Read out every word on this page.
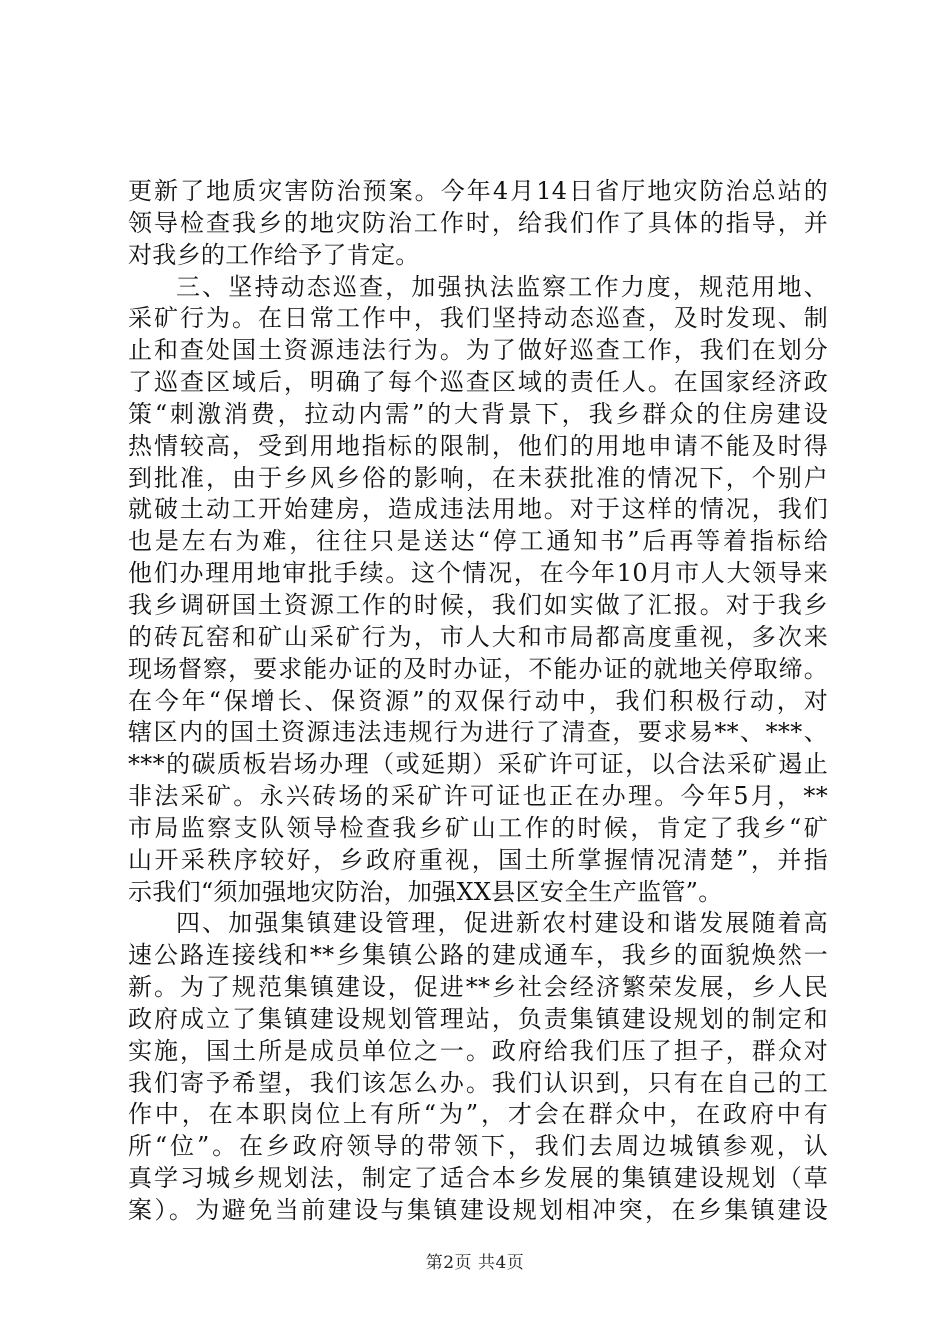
更新了地质灾害防治预案。今年4月14日省厅地灾防治总站的
领导检查我乡的地灾防治工作时，给我们作了具体的指导，并
对我乡的工作给予了肯定。
三、坚持动态巡查，加强执法监察工作力度，规范用地、
采矿行为。在日常工作中，我们坚持动态巡查，及时发现、制
止和查处国土资源违法行为。为了做好巡查工作，我们在划分
了巡查区域后，明确了每个巡查区域的责任人。在国家经济政
策“刺激消费，拉动内需”的大背景下，我乡群众的住房建设
热情较高，受到用地指标的限制，他们的用地申请不能及时得
到批准，由于乡风乡俗的影响，在未获批准的情况下，个别户
就破土动工开始建房，造成违法用地。对于这样的情况，我们
也是左右为难，往往只是送达“停工通知书”后再等着指标给
他们办理用地审批手续。这个情况，在今年10月市人大领导来
我乡调研国土资源工作的时候，我们如实做了汇报。对于我乡
的砖瓦窑和矿山采矿行为，市人大和市局都高度重视，多次来
现场督察，要求能办证的及时办证，不能办证的就地关停取缔。
在今年“保增长、保资源”的双保行动中，我们积极行动，对
辖区内的国土资源违法违规行为进行了清查，要求易**、***、
***的碳质板岩场办理（或延期）采矿许可证，以合法采矿遏止
非法采矿。永兴砖场的采矿许可证也正在办理。今年5月，**
市局监察支队领导检查我乡矿山工作的时候，肯定了我乡“矿
山开采秩序较好，乡政府重视，国土所掌握情况清楚”，并指
示我们“须加强地灾防治，加强XX县区安全生产监管”。
四、加强集镇建设管理，促进新农村建设和谐发展随着高
速公路连接线和**乡集镇公路的建成通车，我乡的面貌焕然一
新。为了规范集镇建设，促进**乡社会经济繁荣发展，乡人民
政府成立了集镇建设规划管理站，负责集镇建设规划的制定和
实施，国土所是成员单位之一。政府给我们压了担子，群众对
我们寄予希望，我们该怎么办。我们认识到，只有在自己的工
作中，在本职岗位上有所“为”，才会在群众中，在政府中有
所“位”。在乡政府领导的带领下，我们去周边城镇参观，认
真学习城乡规划法，制定了适合本乡发展的集镇建设规划（草
案）。为避免当前建设与集镇建设规划相冲突，在乡集镇建设
第2页 共4页
